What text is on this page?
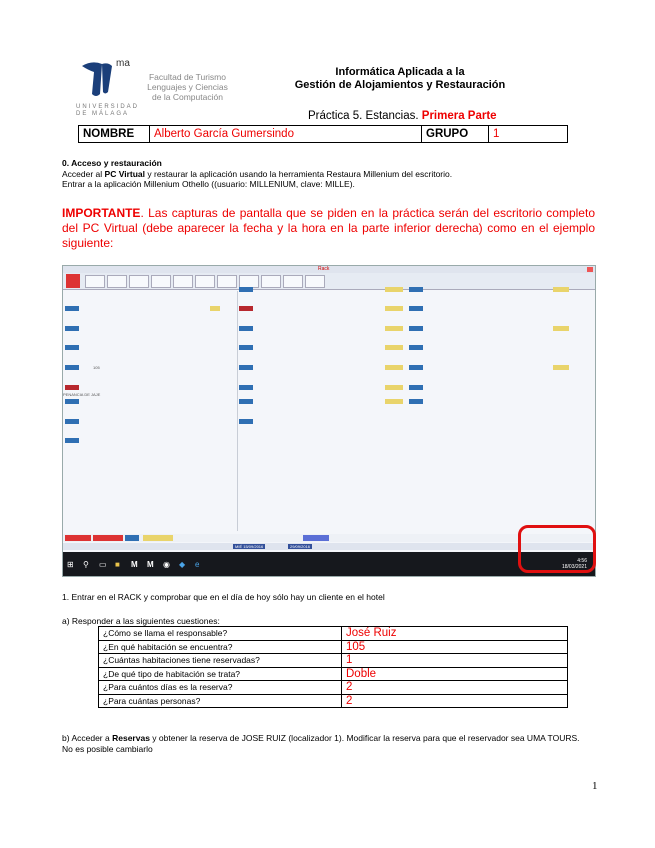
ma
Facultad de Turismo
Lenguajes y Ciencias
de la Computación
UNIVERSIDAD
DE MÁLAGA
Informática Aplicada a la
Gestión de Alojamientos y Restauración
Práctica 5. Estancias. Primera Parte
NOMBRE	Alberto García Gumersindo	GRUPO	1
0. Acceso y restauración
Acceder al PC Virtual y restaurar la aplicación usando la herramienta Restaura Millenium del escritorio.
Entrar a la aplicación Millenium Othello ((usuario: MILLENIUM, clave: MILLE).
IMPORTANTE. Las capturas de pantalla que se piden en la práctica serán del escritorio completo del PC Virtual (debe aparecer la fecha y la hora en la parte inferior derecha) como en el ejemplo siguiente:
Rack
105
PENANCIA DE JAJE
MIÉ 15/09/2016	29/09/2016
⊞ ⚲ ▭ ■ M M ◉ ◆ e	4:56
18/03/2021
1. Entrar en el RACK y comprobar que en el día de hoy sólo hay un cliente en el hotel
a) Responder a las siguientes cuestiones:
¿Cómo se llama el responsable?	José Ruiz
¿En qué habitación se encuentra?	105
¿Cuántas habitaciones tiene reservadas?	1
¿De qué tipo de habitación se trata?	Doble
¿Para cuántos días es la reserva?	2
¿Para cuántas personas?	2
b) Acceder a Reservas y obtener la reserva de JOSE RUIZ (localizador 1). Modificar la reserva para que el reservador sea UMA TOURS. No es posible cambiarlo
1
